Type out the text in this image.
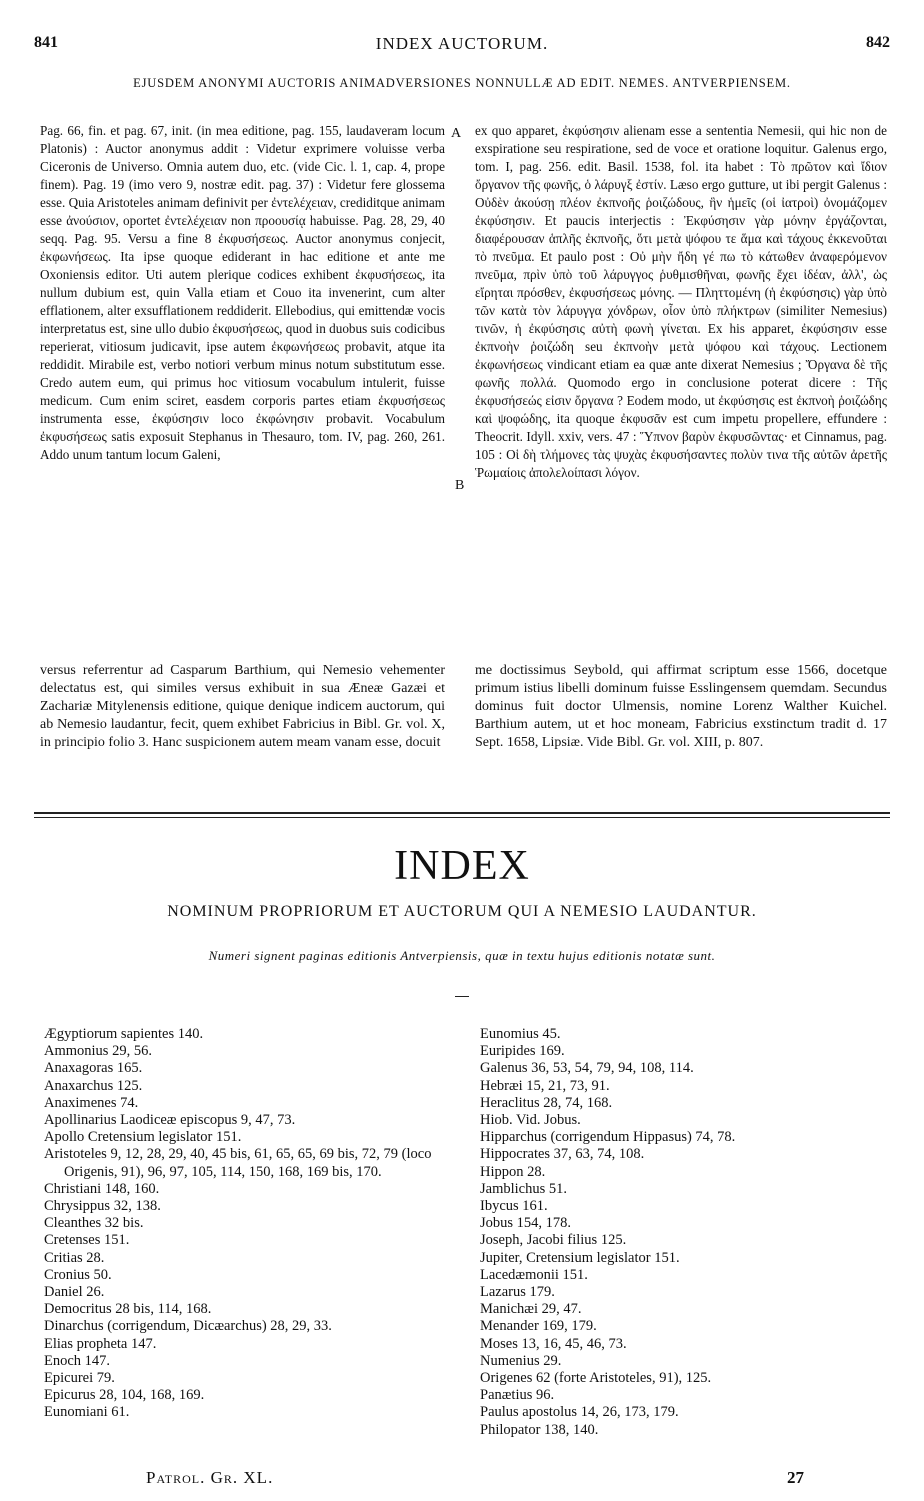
841	INDEX AUCTORUM.	842
EJUSDEM ANONYMI AUCTORIS ANIMADVERSIONES NONNULLÆ AD EDIT. NEMES. ANTVERPIENSEM.
Pag. 66, fin. et pag. 67, init. (in mea editione, pag. 155, laudaveram locum Platonis) : Auctor anonymus addit : Videtur exprimere voluisse verba Ciceronis de Universo. Omnia autem duo, etc. (vide Cic. l. 1, cap. 4, prope finem). Pag. 19 (imo vero 9, nostræ edit. pag. 37) : Videtur fere glossema esse. Quia Aristoteles animam definivit per ἐντελέχειαν, crediditque animam esse ἀνούσιον, oportet ἐντελέχειαν non προουσίᾳ habuisse. Pag. 28, 29, 40 seqq. Pag. 95. Versu a fine 8 ἐκφυσήσεως. Auctor anonymus conjecit, ἐκφωνήσεως. Ita ipse quoque ediderant in hac editione et ante me Oxoniensis editor. Uti autem plerique codices exhibent ἐκφυσήσεως, ita nullum dubium est, quin Valla etiam et Couo ita invenerint, cum alter efflationem, alter exsufflationem reddiderit. Ellebodius, qui emittendæ vocis interpretatus est, sine ullo dubio ἐκφυσήσεως, quod in duobus suis codicibus reperierat, vitiosum judicavit, ipse autem ἐκφωνήσεως probavit, atque ita reddidit. Mirabile est, verbo notiori verbum minus notum substitutum esse. Credo autem eum, qui primus hoc vitiosum vocabulum intulerit, fuisse medicum. Cum enim sciret, easdem corporis partes etiam ἐκφυσήσεως instrumenta esse, ἐκφύσησιν loco ἐκφώνησιν probavit. Vocabulum ἐκφυσήσεως satis exposuit Stephanus in Thesauro, tom. IV, pag. 260, 261. Addo unum tantum locum Galeni,
A
B
ex quo apparet, ἐκφύσησιν alienam esse a sententia Nemesii, qui hic non de exspiratione seu respiratione, sed de voce et oratione loquitur. Galenus ergo, tom. I, pag. 256. edit. Basil. 1538, fol. ita habet : Τὸ πρῶτον καὶ ἴδιον ὄργανον τῆς φωνῆς, ὁ λάρυγξ ἐστίν. Læso ergo gutture, ut ibi pergit Galenus : Οὐδὲν ἀκούσῃ πλέον ἐκπνοῆς ῥοιζώδους, ἣν ἡμεῖς (οἱ ἰατροὶ) ὀνομάζομεν ἐκφύσησιν. Et paucis interjectis : Ἐκφύσησιν γὰρ μόνην ἐργάζονται, διαφέρουσαν ἁπλῆς ἐκπνοῆς, ὅτι μετὰ ψόφου τε ἅμα καὶ τάχους ἐκκενοῦται τὸ πνεῦμα. Et paulo post : Οὐ μὴν ἤδη γέ πω τὸ κάτωθεν ἀναφερόμενον πνεῦμα, πρὶν ὑπὸ τοῦ λάρυγγος ῥυθμισθῆναι, φωνῆς ἔχει ἰδέαν, ἀλλ', ὡς εἴρηται πρόσθεν, ἐκφυσήσεως μόνης. — Πληττομένη (ἡ ἐκφύσησις) γὰρ ὑπὸ τῶν κατὰ τὸν λάρυγγα χόνδρων, οἷον ὑπὸ πλήκτρων (similiter Nemesius) τινῶν, ἡ ἐκφύσησις αὐτὴ φωνὴ γίνεται. Ex his apparet, ἐκφύσησιν esse ἐκπνοὴν ῥοιζώδη seu ἐκπνοὴν μετὰ ψόφου καὶ τάχους. Lectionem ἐκφωνήσεως vindicant etiam ea quæ ante dixerat Nemesius ; Ὄργανα δὲ τῆς φωνῆς πολλά. Quomodo ergo in conclusione poterat dicere : Τῆς ἐκφυσήσεώς εἰσιν ὄργανα ? Eodem modo, ut ἐκφύσησις est ἐκπνοὴ ῥοιζώδης καὶ ψοφώδης, ita quoque ἐκφυσᾶν est cum impetu propellere, effundere : Theocrit. Idyll. xxiv, vers. 47 : Ὕπνον βαρὺν ἐκφυσῶντας· et Cinnamus, pag. 105 : Οἱ δὴ τλήμονες τὰς ψυχὰς ἐκφυσήσαντες πολὺν τινα τῆς αὐτῶν ἀρετῆς Ῥωμαίοις ἀπολελοίπασι λόγον.
versus referrentur ad Casparum Barthium, qui Nemesio vehementer delectatus est, qui similes versus exhibuit in sua Æneæ Gazæi et Zachariæ Mitylenensis editione, quique denique indicem auctorum, qui ab Nemesio laudantur, fecit, quem exhibet Fabricius in Bibl. Gr. vol. X, in principio folio 3. Hanc suspicionem autem meam vanam esse, docuit
me doctissimus Seybold, qui affirmat scriptum esse 1566, docetque primum istius libelli dominum fuisse Esslingensem quemdam. Secundus dominus fuit doctor Ulmensis, nomine Lorenz Walther Kuichel. Barthium autem, ut et hoc moneam, Fabricius exstinctum tradit d. 17 Sept. 1658, Lipsiæ. Vide Bibl. Gr. vol. XIII, p. 807.
INDEX
NOMINUM PROPRIORUM ET AUCTORUM QUI A NEMESIO LAUDANTUR.
Numeri signent paginas editionis Antverpiensis, quæ in textu hujus editionis notatæ sunt.
Ægyptiorum sapientes 140.
Ammonius 29, 56.
Anaxagoras 165.
Anaxarchus 125.
Anaximenes 74.
Apollinarius Laodiceæ episcopus 9, 47, 73.
Apollo Cretensium legislator 151.
Aristoteles 9, 12, 28, 29, 40, 45 bis, 61, 65, 65, 69 bis, 72, 79 (loco Origenis, 91), 96, 97, 105, 114, 150, 168, 169 bis, 170.
Christiani 148, 160.
Chrysippus 32, 138.
Cleanthes 32 bis.
Cretenses 151.
Critias 28.
Cronius 50.
Daniel 26.
Democritus 28 bis, 114, 168.
Dinarchus (corrigendum, Dicæarchus) 28, 29, 33.
Elias propheta 147.
Enoch 147.
Epicurei 79.
Epicurus 28, 104, 168, 169.
Eunomiani 61.
Eunomius 45.
Euripides 169.
Galenus 36, 53, 54, 79, 94, 108, 114.
Hebræi 15, 21, 73, 91.
Heraclitus 28, 74, 168.
Hiob. Vid. Jobus.
Hipparchus (corrigendum Hippasus) 74, 78.
Hippocrates 37, 63, 74, 108.
Hippon 28.
Jamblichus 51.
Ibycus 161.
Jobus 154, 178.
Joseph, Jacobi filius 125.
Jupiter, Cretensium legislator 151.
Lacedæmonii 151.
Lazarus 179.
Manichæi 29, 47.
Menander 169, 179.
Moses 13, 16, 45, 46, 73.
Numenius 29.
Origenes 62 (forte Aristoteles, 91), 125.
Panætius 96.
Paulus apostolus 14, 26, 173, 179.
Philopator 138, 140.
Patrol. Gr. XL.	27
